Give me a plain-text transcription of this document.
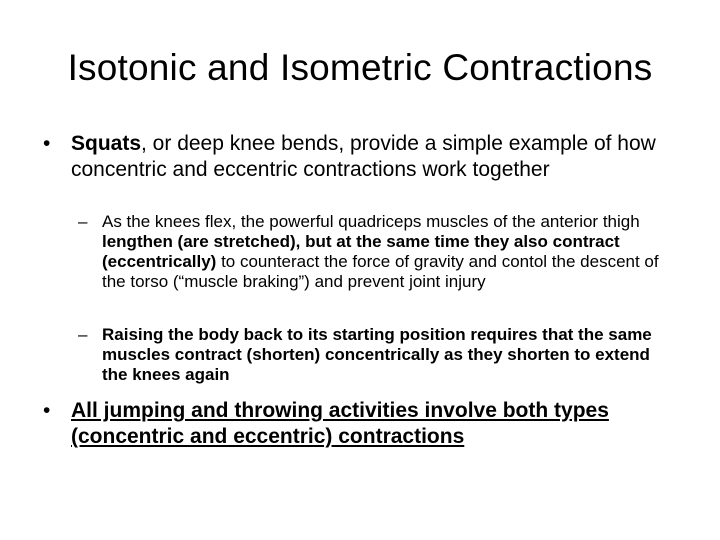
Isotonic and Isometric Contractions
• Squats, or deep knee bends, provide a simple example of how concentric and eccentric contractions work together
– As the knees flex, the powerful quadriceps muscles of the anterior thigh lengthen (are stretched), but at the same time they also contract (eccentrically) to counteract the force of gravity and contol the descent of the torso (“muscle braking”) and prevent joint injury
– Raising the body back to its starting position requires that the same muscles contract (shorten) concentrically as they shorten to extend the knees again
• All jumping and throwing activities involve both types (concentric and eccentric) contractions
